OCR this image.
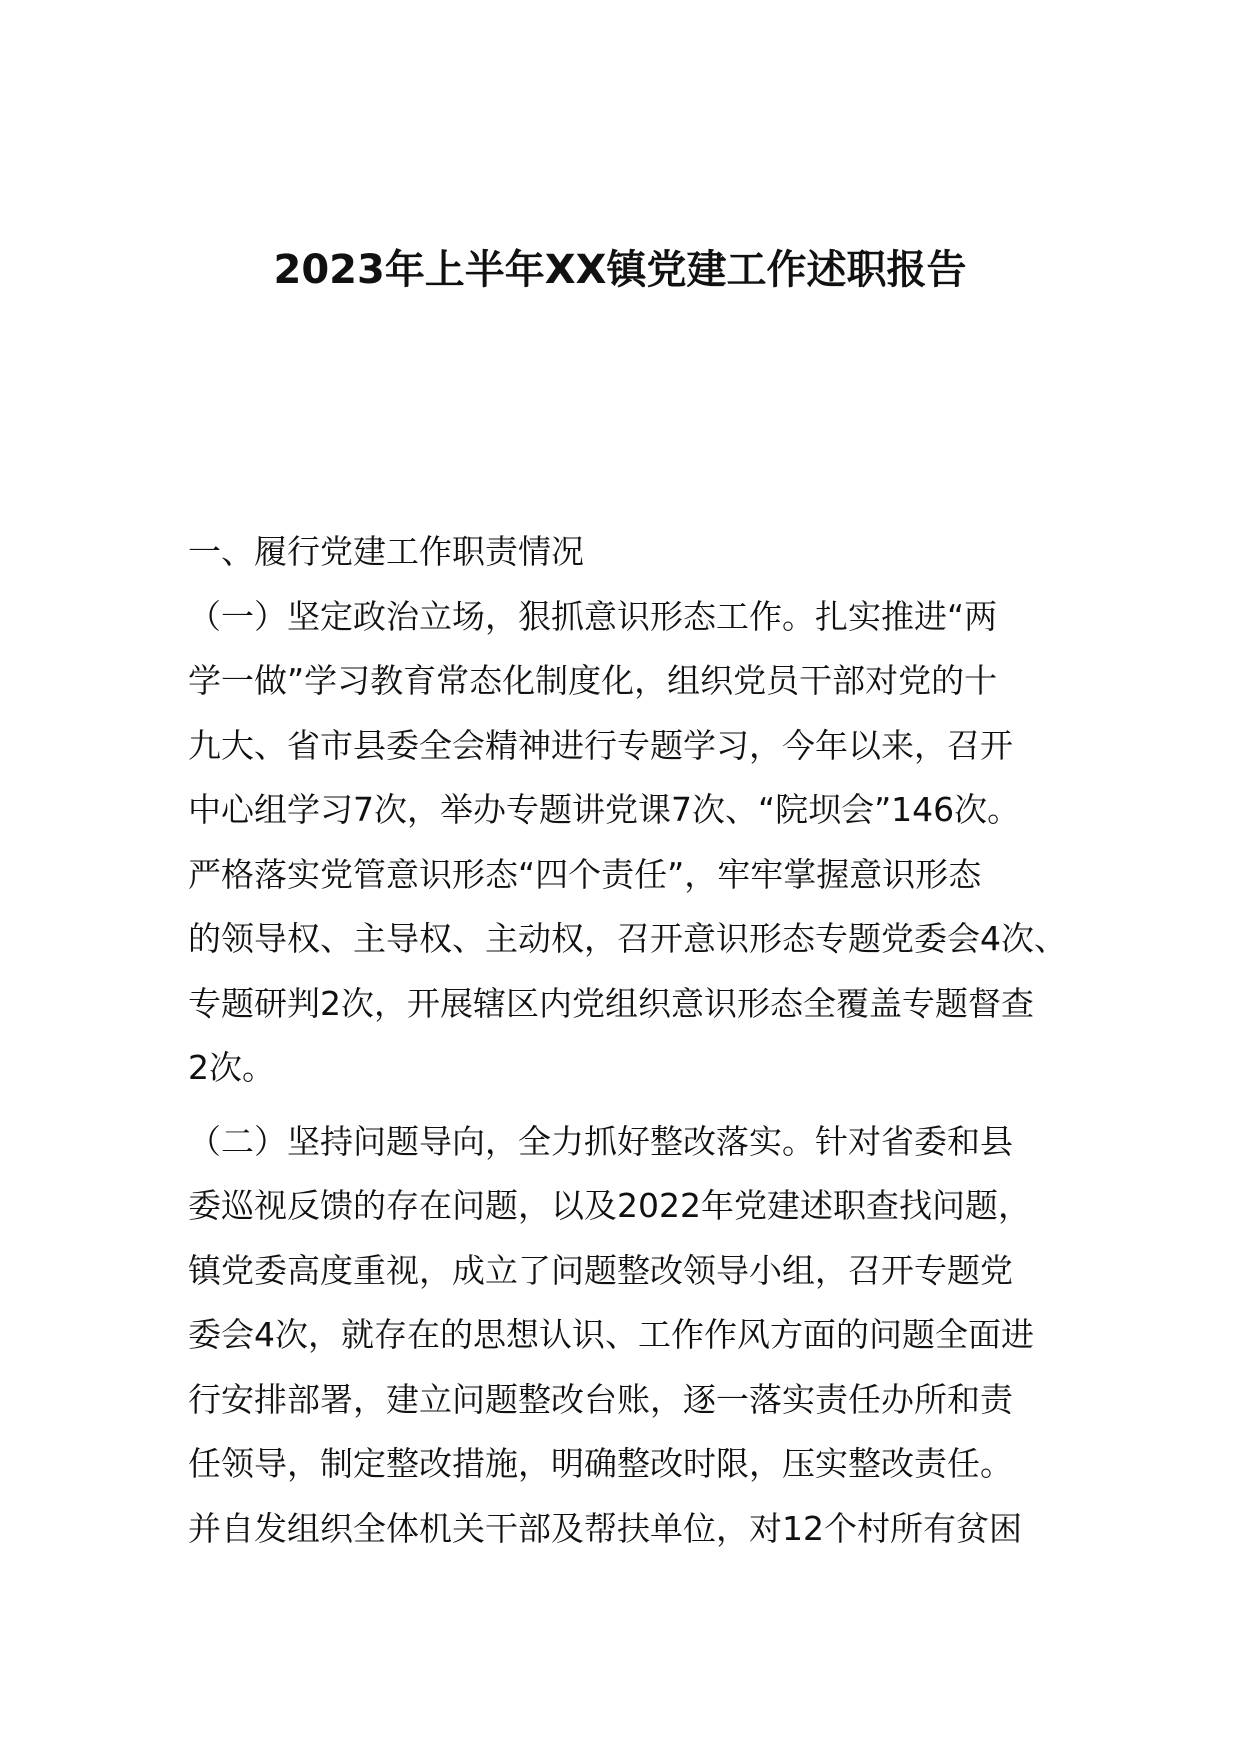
2023年上半年XX镇党建工作述职报告
一、履行党建工作职责情况
（一）坚定政治立场，狠抓意识形态工作。扎实推进“两
学一做”学习教育常态化制度化，组织党员干部对党的十
九大、省市县委全会精神进行专题学习，今年以来，召开
中心组学习7次，举办专题讲党课7次、“院坝会”146次。
严格落实党管意识形态“四个责任”，牢牢掌握意识形态
的领导权、主导权、主动权，召开意识形态专题党委会4次、
专题研判2次，开展辖区内党组织意识形态全覆盖专题督查
2次。
（二）坚持问题导向，全力抓好整改落实。针对省委和县
委巡视反馈的存在问题，以及2022年党建述职查找问题，
镇党委高度重视，成立了问题整改领导小组，召开专题党
委会4次，就存在的思想认识、工作作风方面的问题全面进
行安排部署，建立问题整改台账，逐一落实责任办所和责
任领导，制定整改措施，明确整改时限，压实整改责任。
并自发组织全体机关干部及帮扶单位，对12个村所有贫困
